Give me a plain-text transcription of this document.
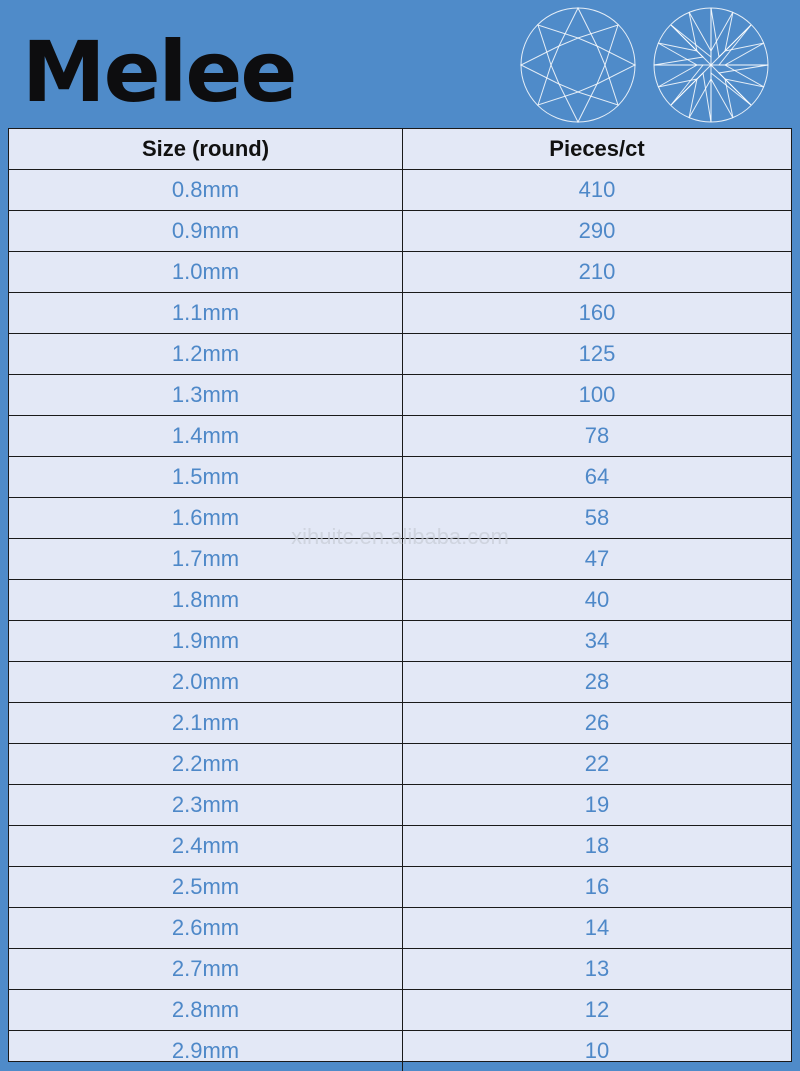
Melee
Size (round)	Pieces/ct
0.8mm	410
0.9mm	290
1.0mm	210
1.1mm	160
1.2mm	125
1.3mm	100
1.4mm	78
1.5mm	64
1.6mm	58
1.7mm	47
1.8mm	40
1.9mm	34
2.0mm	28
2.1mm	26
2.2mm	22
2.3mm	19
2.4mm	18
2.5mm	16
2.6mm	14
2.7mm	13
2.8mm	12
2.9mm	10
xihuitc.en.alibaba.com
